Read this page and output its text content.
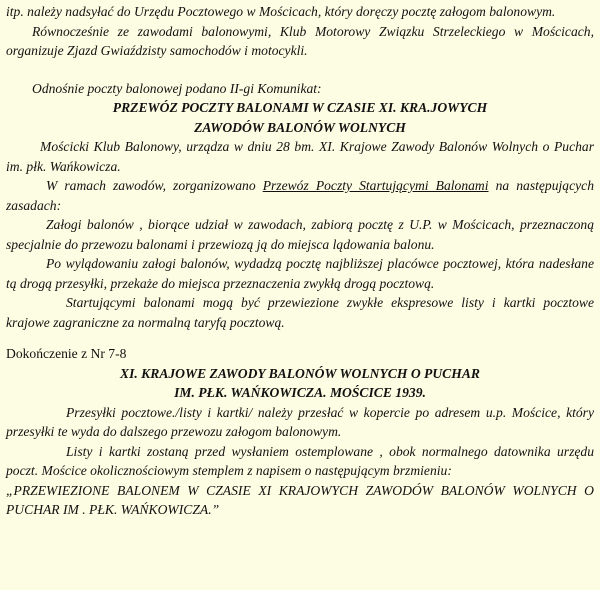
itp. należy nadsyłać do Urzędu Pocztowego w Mościcach, który doręczy pocztę załogom balonowym.

Równocześnie ze zawodami balonowymi, Klub Motorowy Związku Strzeleckiego w Mościcach, organizuje Zjazd Gwiaździsty samochodów i motocykli.

Odnośnie poczty balonowej podano II-gi Komunikat:

PRZEWÓZ POCZTY BALONAMI W CZASIE XI. KRA.JOWYCH

ZAWODÓW BALONÓW WOLNYCH

Mościcki Klub Balonowy, urządza w dniu 28 bm. XI. Krajowe Zawody Balonów Wolnych o Puchar im. płk. Wańkowicza.

W ramach zawodów, zorganizowano Przewóz Poczty Startującymi Balonami na następujących zasadach:

Załogi balonów , biorące udział w zawodach, zabiorą pocztę z U.P. w Mościcach, przeznaczoną specjalnie do przewozu balonami i przewiozą ją do miejsca lądowania balonu.

Po wylądowaniu załogi balonów, wydadzą pocztę najbliższej placówce pocztowej, która nadesłane tą drogą przesyłki, przekaże do miejsca przeznaczenia zwykłą drogą pocztową.

Startującymi balonami mogą być przewiezione zwykłe ekspresowe listy i kartki pocztowe krajowe zagraniczne za normalną taryfą pocztową.

Dokończenie z Nr 7-8

XI. KRAJOWE ZAWODY BALONÓW WOLNYCH O PUCHAR

IM. PŁK. WAŃKOWICZA. MOŚCICE 1939.

Przesyłki pocztowe./listy i kartki/ należy przesłać w kopercie po adresem u.p. Mościce, który przesyłki te wyda do dalszego przewozu załogom balonowym.

Listy i kartki zostaną przed wysłaniem ostemplowane , obok normalnego datownika urzędu poczt. Mościce okolicznościowym stemplem z napisem o następującym brzmieniu:

„PRZEWIEZIONE BALONEM W CZASIE XI KRAJOWYCH ZAWODÓW BALONÓW WOLNYCH O PUCHAR IM . PŁK. WAŃKOWICZA.”
